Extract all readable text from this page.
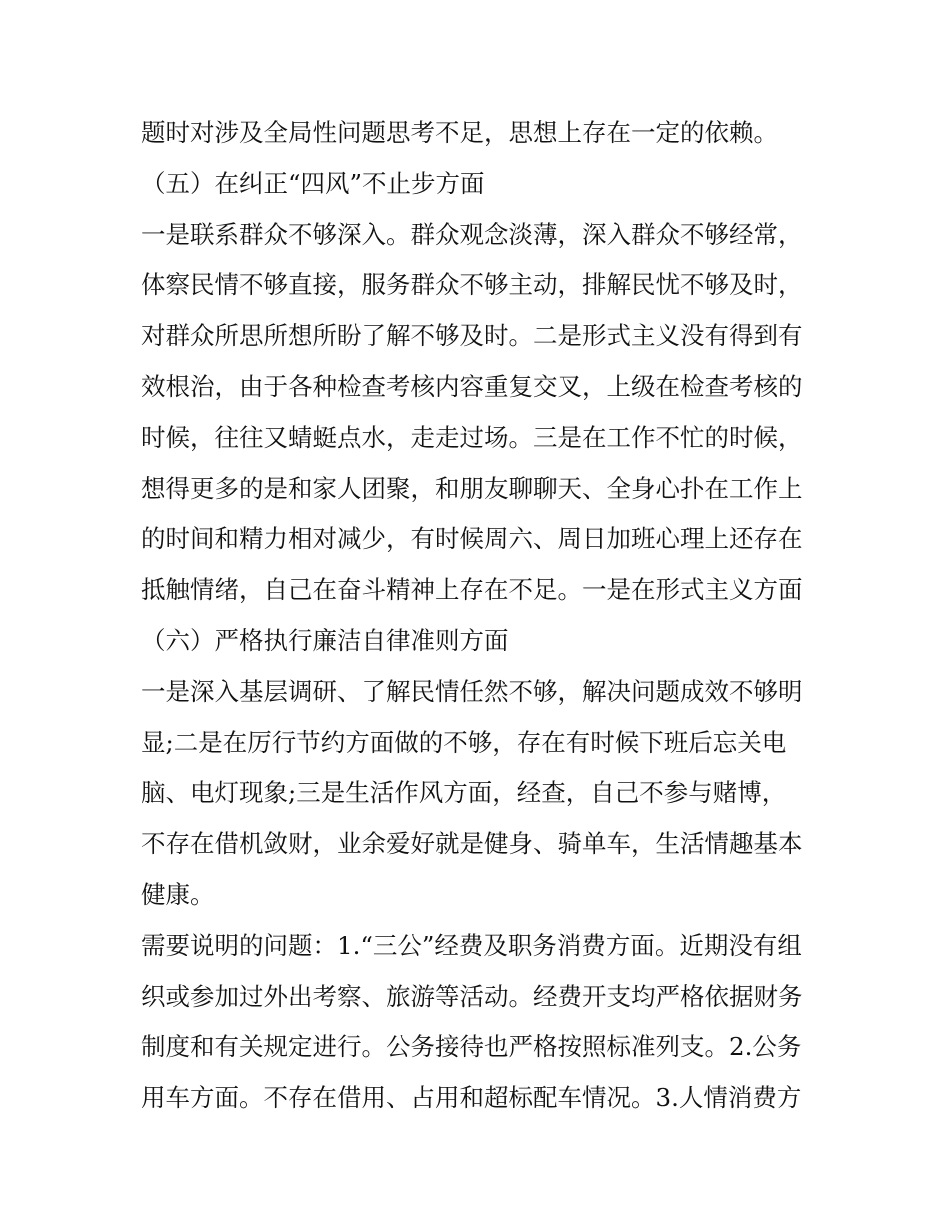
题时对涉及全局性问题思考不足，思想上存在一定的依赖。
（五）在纠正“四风”不止步方面
一是联系群众不够深入。群众观念淡薄，深入群众不够经常，
体察民情不够直接，服务群众不够主动，排解民忧不够及时，
对群众所思所想所盼了解不够及时。二是形式主义没有得到有
效根治，由于各种检查考核内容重复交叉，上级在检查考核的
时候，往往又蜻蜓点水，走走过场。三是在工作不忙的时候，
想得更多的是和家人团聚，和朋友聊聊天、全身心扑在工作上
的时间和精力相对减少，有时候周六、周日加班心理上还存在
抵触情绪，自己在奋斗精神上存在不足。一是在形式主义方面
（六）严格执行廉洁自律准则方面
一是深入基层调研、了解民情任然不够，解决问题成效不够明
显;二是在厉行节约方面做的不够，存在有时候下班后忘关电
脑、电灯现象;三是生活作风方面，经查，自己不参与赌博，
不存在借机敛财，业余爱好就是健身、骑单车，生活情趣基本
健康。
需要说明的问题：1.“三公”经费及职务消费方面。近期没有组
织或参加过外出考察、旅游等活动。经费开支均严格依据财务
制度和有关规定进行。公务接待也严格按照标准列支。2.公务
用车方面。不存在借用、占用和超标配车情况。3.人情消费方
